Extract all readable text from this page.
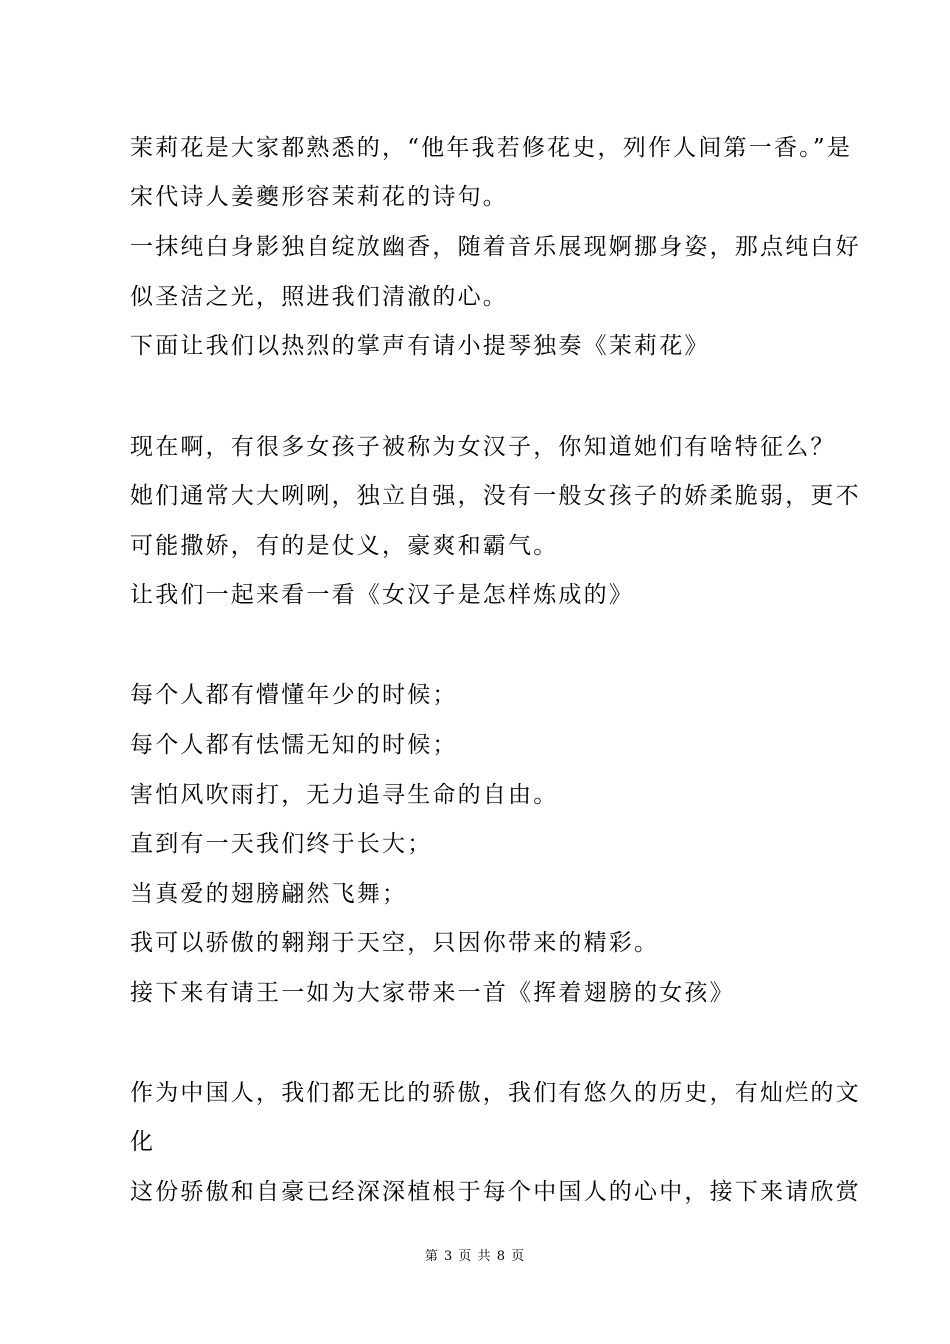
茉莉花是大家都熟悉的，“他年我若修花史，列作人间第一香。”是
宋代诗人姜夔形容茉莉花的诗句。
一抹纯白身影独自绽放幽香，随着音乐展现婀挪身姿，那点纯白好
似圣洁之光，照进我们清澈的心。
下面让我们以热烈的掌声有请小提琴独奏《茉莉花》
现在啊，有很多女孩子被称为女汉子，你知道她们有啥特征么？
她们通常大大咧咧，独立自强，没有一般女孩子的娇柔脆弱，更不
可能撒娇，有的是仗义，豪爽和霸气。
让我们一起来看一看《女汉子是怎样炼成的》
每个人都有懵懂年少的时候；
每个人都有怯懦无知的时候；
害怕风吹雨打，无力追寻生命的自由。
直到有一天我们终于长大；
当真爱的翅膀翩然飞舞；
我可以骄傲的翱翔于天空，只因你带来的精彩。
接下来有请王一如为大家带来一首《挥着翅膀的女孩》
作为中国人，我们都无比的骄傲，我们有悠久的历史，有灿烂的文
化
这份骄傲和自豪已经深深植根于每个中国人的心中，接下来请欣赏
第 3 页 共 8 页
